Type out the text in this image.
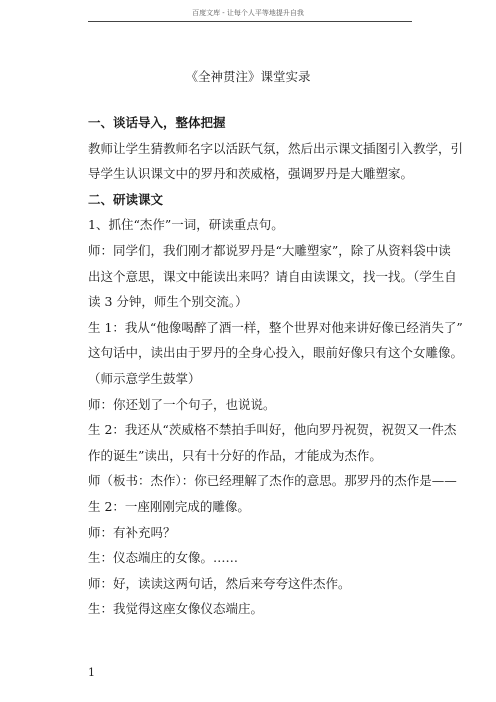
百度文库 - 让每个人平等地提升自我
《全神贯注》课堂实录
一、谈话导入，整体把握
教师让学生猜教师名字以活跃气氛，然后出示课文插图引入教学，引
导学生认识课文中的罗丹和茨威格，强调罗丹是大雕塑家。
二、研读课文
1、抓住“杰作”一词，研读重点句。
师：同学们，我们刚才都说罗丹是“大雕塑家”，除了从资料袋中读
出这个意思，课文中能读出来吗？请自由读课文，找一找。（学生自
读 3 分钟，师生个别交流。）
生 1：我从“他像喝醉了酒一样，整个世界对他来讲好像已经消失了”
这句话中，读出由于罗丹的全身心投入，眼前好像只有这个女雕像。
（师示意学生鼓掌）
师：你还划了一个句子，也说说。
生 2：我还从“茨威格不禁拍手叫好，他向罗丹祝贺，祝贺又一件杰
作的诞生”读出，只有十分好的作品，才能成为杰作。
师（板书：杰作）：你已经理解了杰作的意思。那罗丹的杰作是——
生 2：一座刚刚完成的雕像。
师：有补充吗？
生：仪态端庄的女像。……
师：好，读读这两句话，然后来夸夸这件杰作。
生：我觉得这座女像仪态端庄。
1
